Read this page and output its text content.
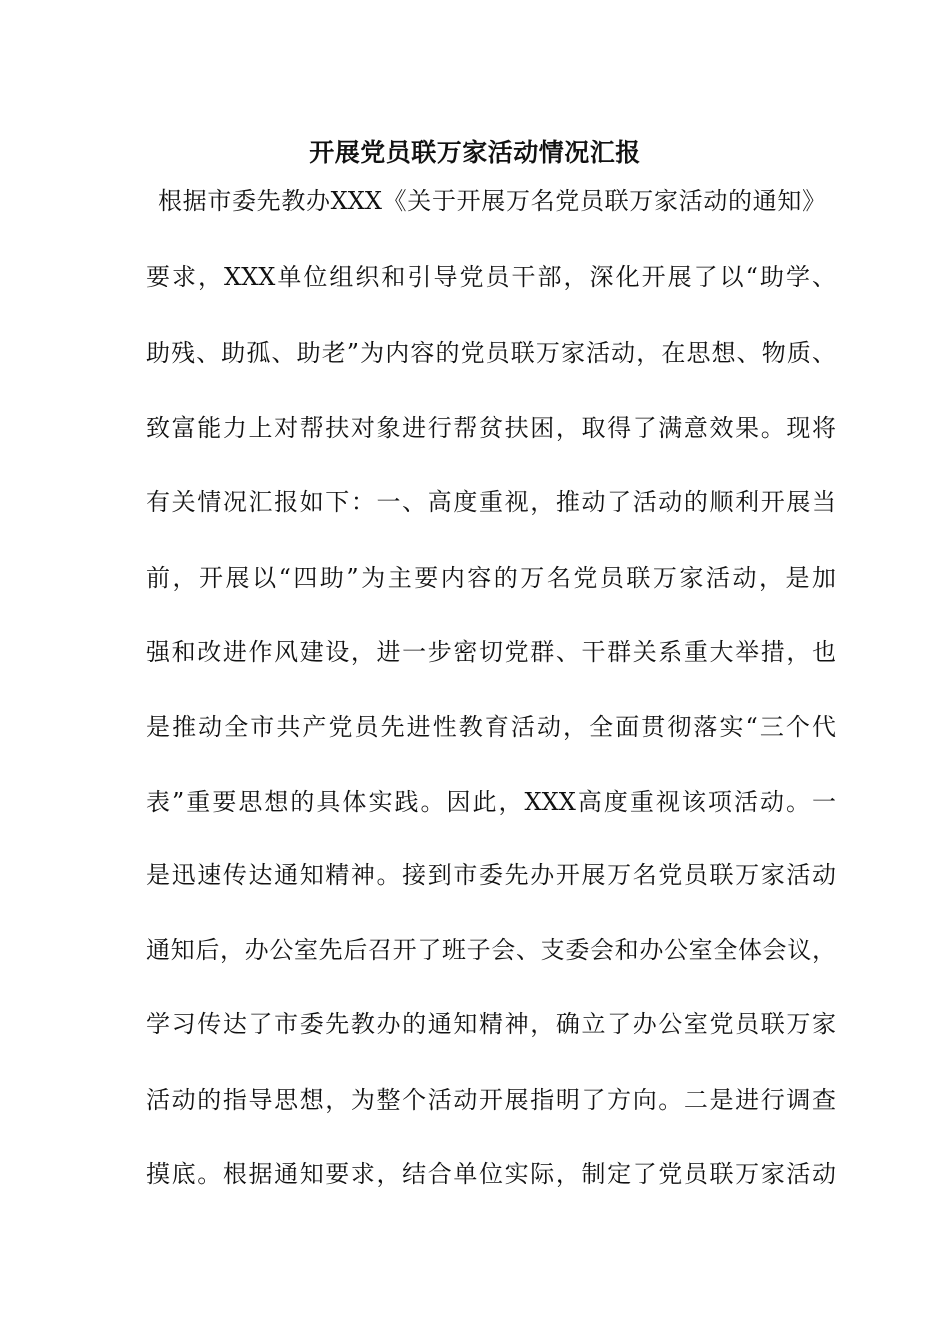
开展党员联万家活动情况汇报
根据市委先教办XXX《关于开展万名党员联万家活动的通知》
要求，XXX单位组织和引导党员干部，深化开展了以“助学、
助残、助孤、助老”为内容的党员联万家活动，在思想、物质、
致富能力上对帮扶对象进行帮贫扶困，取得了满意效果。现将
有关情况汇报如下：一、高度重视，推动了活动的顺利开展当
前，开展以“四助”为主要内容的万名党员联万家活动，是加
强和改进作风建设，进一步密切党群、干群关系重大举措，也
是推动全市共产党员先进性教育活动，全面贯彻落实“三个代
表”重要思想的具体实践。因此，XXX高度重视该项活动。一
是迅速传达通知精神。接到市委先办开展万名党员联万家活动
通知后，办公室先后召开了班子会、支委会和办公室全体会议，
学习传达了市委先教办的通知精神，确立了办公室党员联万家
活动的指导思想，为整个活动开展指明了方向。二是进行调查
摸底。根据通知要求，结合单位实际，制定了党员联万家活动
